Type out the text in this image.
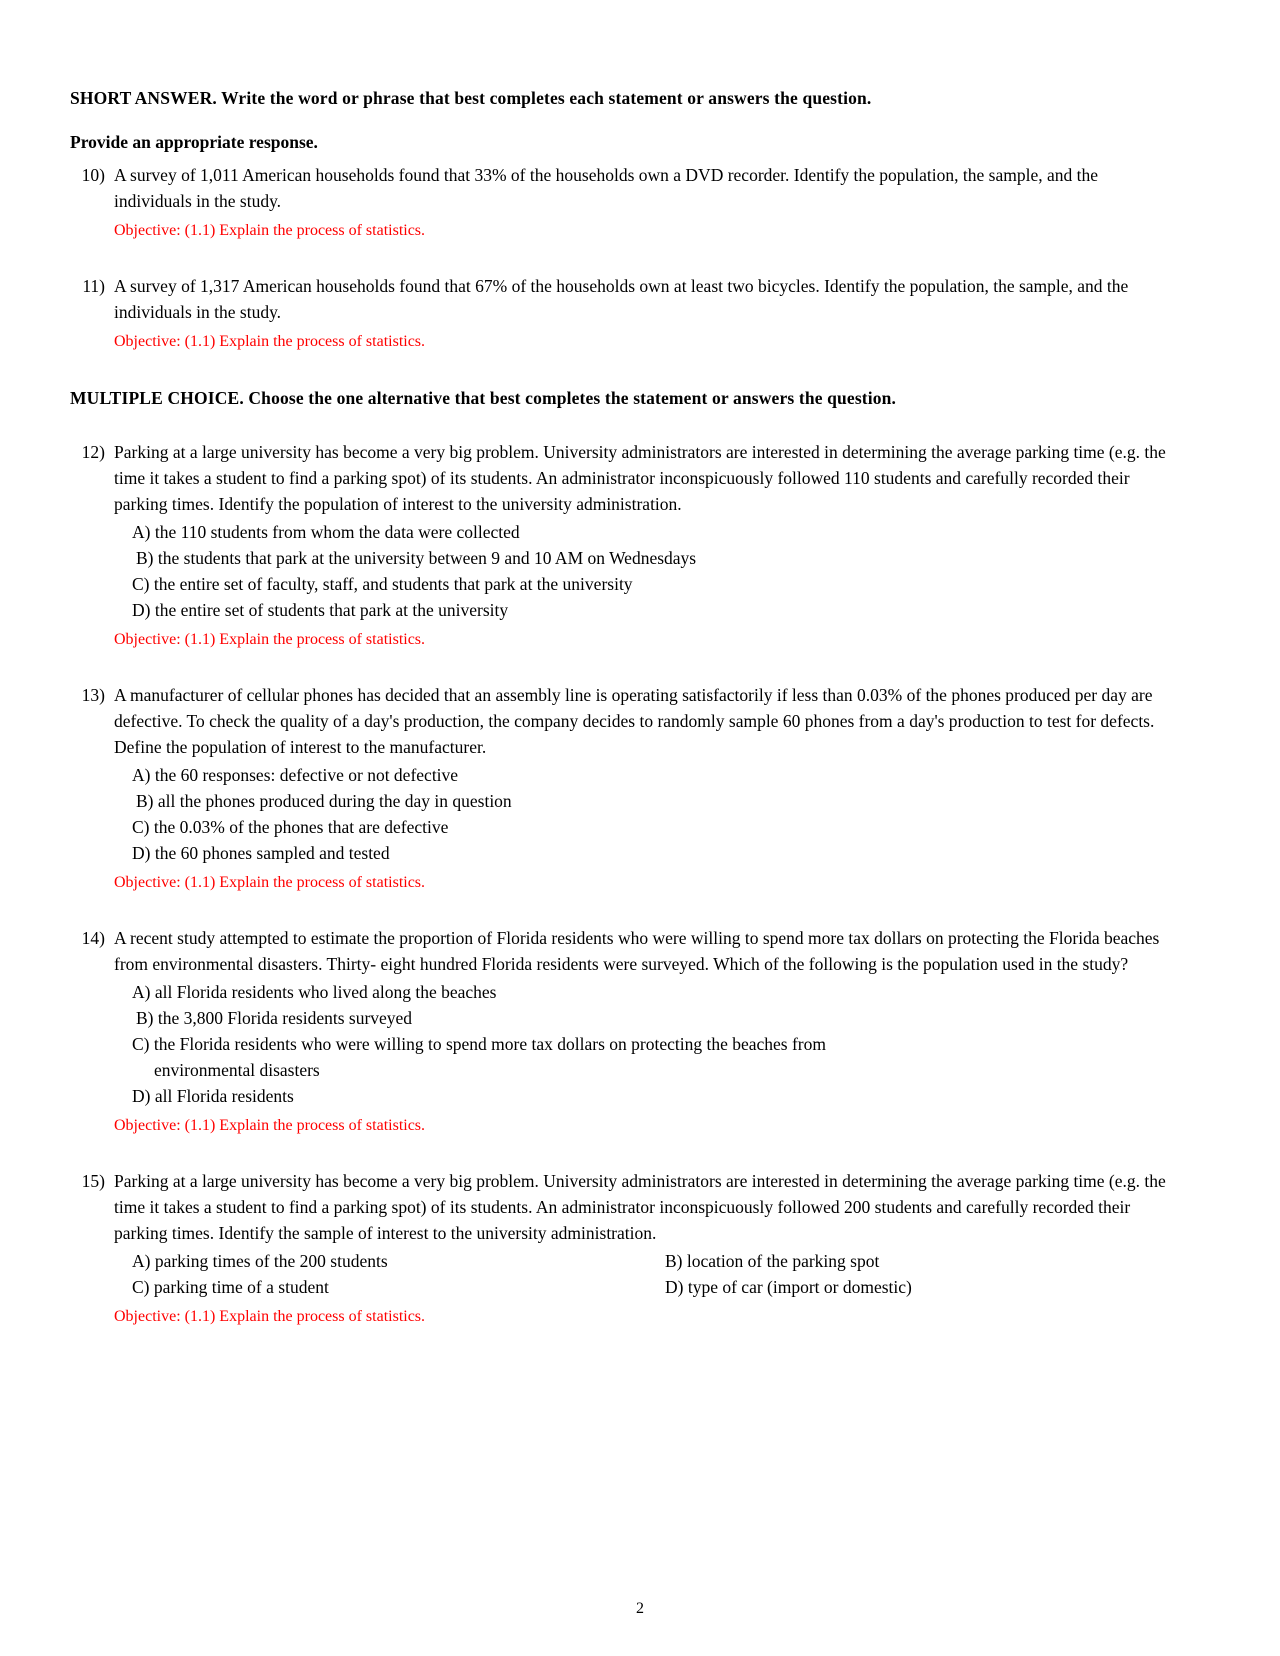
SHORT ANSWER. Write the word or phrase that best completes each statement or answers the question.
Provide an appropriate response.
10) A survey of 1,011 American households found that 33% of the households own a DVD recorder. Identify the population, the sample, and the individuals in the study.
Objective: (1.1) Explain the process of statistics.
11) A survey of 1,317 American households found that 67% of the households own at least two bicycles. Identify the population, the sample, and the individuals in the study.
Objective: (1.1) Explain the process of statistics.
MULTIPLE CHOICE. Choose the one alternative that best completes the statement or answers the question.
12) Parking at a large university has become a very big problem. University administrators are interested in determining the average parking time (e.g. the time it takes a student to find a parking spot) of its students. An administrator inconspicuously followed 110 students and carefully recorded their parking times. Identify the population of interest to the university administration.
A) the 110 students from whom the data were collected
B) the students that park at the university between 9 and 10 AM on Wednesdays
C) the entire set of faculty, staff, and students that park at the university
D) the entire set of students that park at the university
Objective: (1.1) Explain the process of statistics.
13) A manufacturer of cellular phones has decided that an assembly line is operating satisfactorily if less than 0.03% of the phones produced per day are defective. To check the quality of a day's production, the company decides to randomly sample 60 phones from a day's production to test for defects. Define the population of interest to the manufacturer.
A) the 60 responses: defective or not defective
B) all the phones produced during the day in question
C) the 0.03% of the phones that are defective
D) the 60 phones sampled and tested
Objective: (1.1) Explain the process of statistics.
14) A recent study attempted to estimate the proportion of Florida residents who were willing to spend more tax dollars on protecting the Florida beaches from environmental disasters. Thirty- eight hundred Florida residents were surveyed. Which of the following is the population used in the study?
A) all Florida residents who lived along the beaches
B) the 3,800 Florida residents surveyed
C) the Florida residents who were willing to spend more tax dollars on protecting the beaches from
environmental disasters
D) all Florida residents
Objective: (1.1) Explain the process of statistics.
15) Parking at a large university has become a very big problem. University administrators are interested in determining the average parking time (e.g. the time it takes a student to find a parking spot) of its students. An administrator inconspicuously followed 200 students and carefully recorded their parking times. Identify the sample of interest to the university administration.
A) parking times of the 200 students	B) location of the parking spot
C) parking time of a student	D) type of car (import or domestic)
Objective: (1.1) Explain the process of statistics.
2
